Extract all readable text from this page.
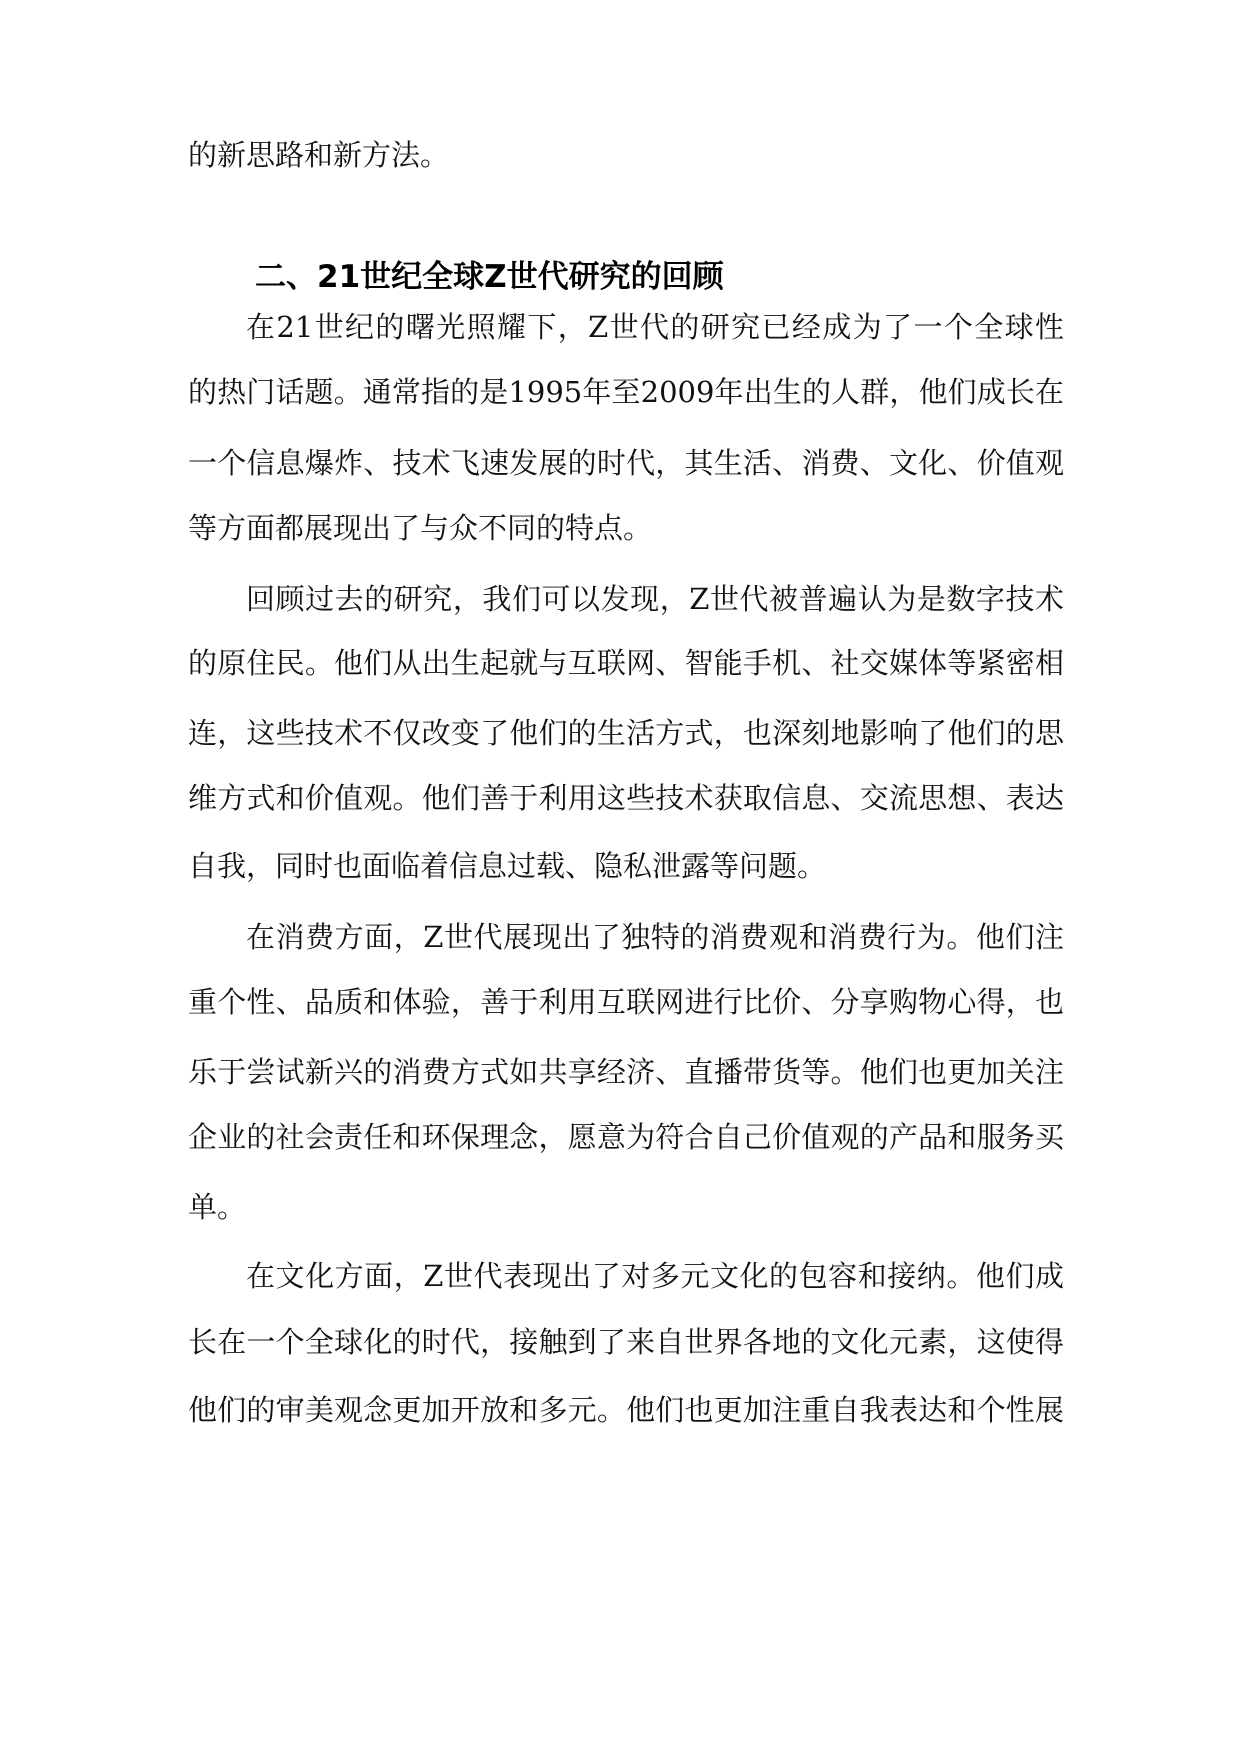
的新思路和新方法。
二、21世纪全球Z世代研究的回顾
在21世纪的曙光照耀下，Z世代的研究已经成为了一个全球性
的热门话题。通常指的是1995年至2009年出生的人群，他们成长在
一个信息爆炸、技术飞速发展的时代，其生活、消费、文化、价值观
等方面都展现出了与众不同的特点。
回顾过去的研究，我们可以发现，Z世代被普遍认为是数字技术
的原住民。他们从出生起就与互联网、智能手机、社交媒体等紧密相
连，这些技术不仅改变了他们的生活方式，也深刻地影响了他们的思
维方式和价值观。他们善于利用这些技术获取信息、交流思想、表达
自我，同时也面临着信息过载、隐私泄露等问题。
在消费方面，Z世代展现出了独特的消费观和消费行为。他们注
重个性、品质和体验，善于利用互联网进行比价、分享购物心得，也
乐于尝试新兴的消费方式如共享经济、直播带货等。他们也更加关注
企业的社会责任和环保理念，愿意为符合自己价值观的产品和服务买
单。
在文化方面，Z世代表现出了对多元文化的包容和接纳。他们成
长在一个全球化的时代，接触到了来自世界各地的文化元素，这使得
他们的审美观念更加开放和多元。他们也更加注重自我表达和个性展
